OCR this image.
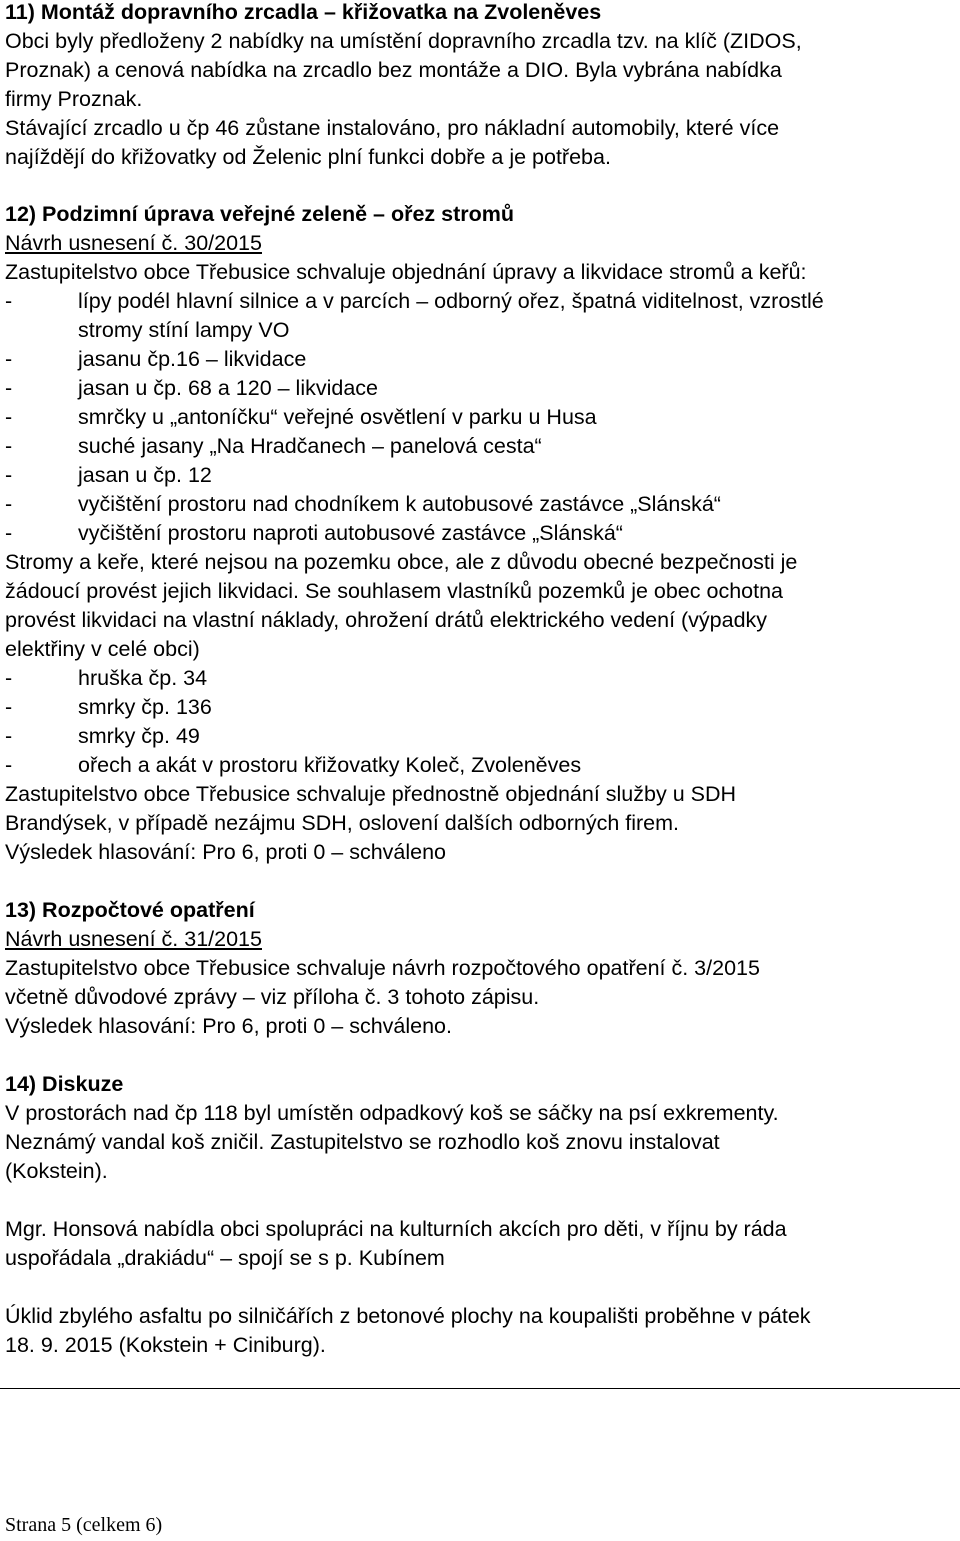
11) Montáž dopravního zrcadla – křižovatka na Zvoleněves
Obci byly předloženy 2 nabídky na umístění dopravního zrcadla tzv. na klíč (ZIDOS,
Proznak) a cenová nabídka na zrcadlo bez montáže a DIO. Byla vybrána nabídka
firmy Proznak.
Stávající zrcadlo u čp 46 zůstane instalováno, pro nákladní automobily, které více
najíždějí do křižovatky od Želenic plní funkci dobře a je potřeba.
12) Podzimní úprava veřejné zeleně – ořez stromů
Návrh usnesení č. 30/2015
Zastupitelstvo obce Třebusice schvaluje objednání úpravy a likvidace stromů a keřů:
-	lípy podél hlavní silnice a v parcích – odborný ořez, špatná viditelnost, vzrostlé
stromy stíní lampy VO
-	jasanu čp.16 – likvidace
-	jasan u čp. 68 a 120 – likvidace
-	smrčky u „antoníčku“ veřejné osvětlení v parku u Husa
-	suché jasany „Na Hradčanech – panelová cesta“
-	jasan u čp. 12
-	vyčištění prostoru nad chodníkem k autobusové zastávce „Slánská“
-	vyčištění prostoru naproti autobusové zastávce „Slánská“
Stromy a keře, které nejsou na pozemku obce, ale z důvodu obecné bezpečnosti je
žádoucí provést jejich likvidaci. Se souhlasem vlastníků pozemků je obec ochotna
provést likvidaci na vlastní náklady, ohrožení drátů elektrického vedení (výpadky
elektřiny v celé obci)
-	hruška čp. 34
-	smrky čp. 136
-	smrky čp. 49
-	ořech a akát v prostoru křižovatky Koleč, Zvoleněves
Zastupitelstvo obce Třebusice schvaluje přednostně objednání služby u SDH
Brandýsek, v případě nezájmu SDH, oslovení dalších odborných firem.
Výsledek hlasování: Pro 6, proti 0 – schváleno
13) Rozpočtové opatření
Návrh usnesení č. 31/2015
Zastupitelstvo obce Třebusice schvaluje návrh rozpočtového opatření č. 3/2015
včetně důvodové zprávy – viz příloha č. 3 tohoto zápisu.
Výsledek hlasování: Pro 6, proti 0 – schváleno.
14) Diskuze
V prostorách nad čp 118 byl umístěn odpadkový koš se sáčky na psí exkrementy.
Neznámý vandal koš zničil. Zastupitelstvo se rozhodlo koš znovu instalovat
(Kokstein).
Mgr. Honsová nabídla obci spolupráci na kulturních akcích pro děti, v říjnu by ráda
uspořádala „drakiádu“ – spojí se s p. Kubínem
Úklid zbylého asfaltu po silničářích z betonové plochy na koupališti proběhne v pátek
18. 9. 2015 (Kokstein + Ciniburg).
Strana 5 (celkem 6)
